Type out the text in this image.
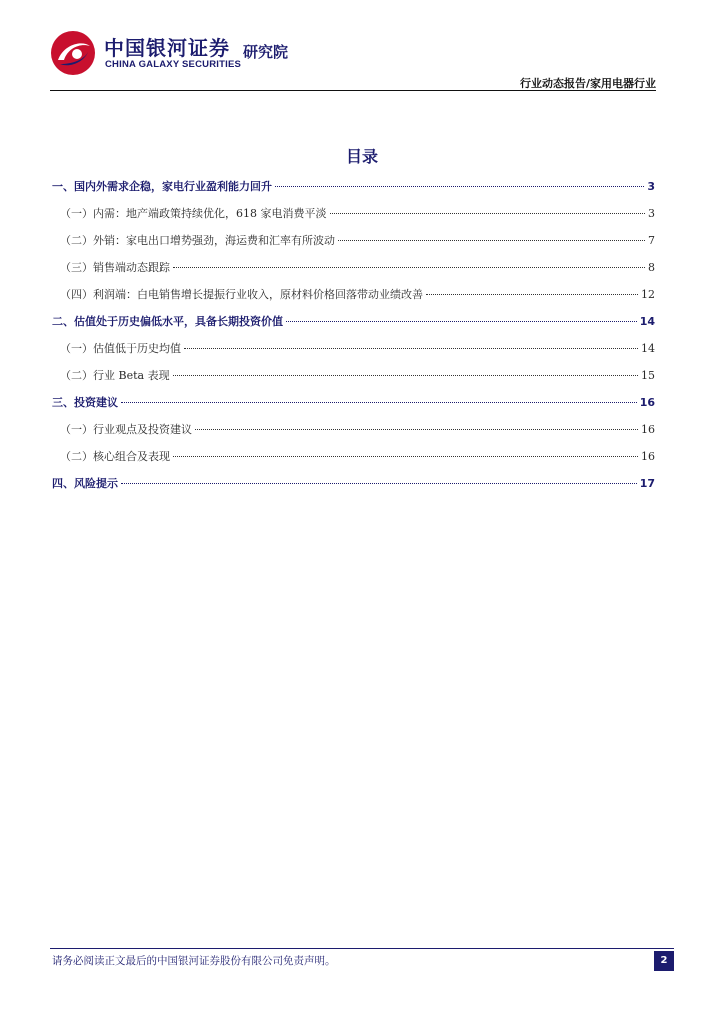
中国银河证券
CHINA GALAXY SECURITIES
研究院
行业动态报告/家用电器行业
目录
一、国内外需求企稳，家电行业盈利能力回升	3
（一）内需：地产端政策持续优化，618 家电消费平淡	3
（二）外销：家电出口增势强劲，海运费和汇率有所波动	7
（三）销售端动态跟踪	8
（四）利润端：白电销售增长提振行业收入，原材料价格回落带动业绩改善	12
二、估值处于历史偏低水平，具备长期投资价值	14
（一）估值低于历史均值	14
（二）行业 Beta 表现	15
三、投资建议	16
（一）行业观点及投资建议	16
（二）核心组合及表现	16
四、风险提示	17
请务必阅读正文最后的中国银河证券股份有限公司免责声明。	2
